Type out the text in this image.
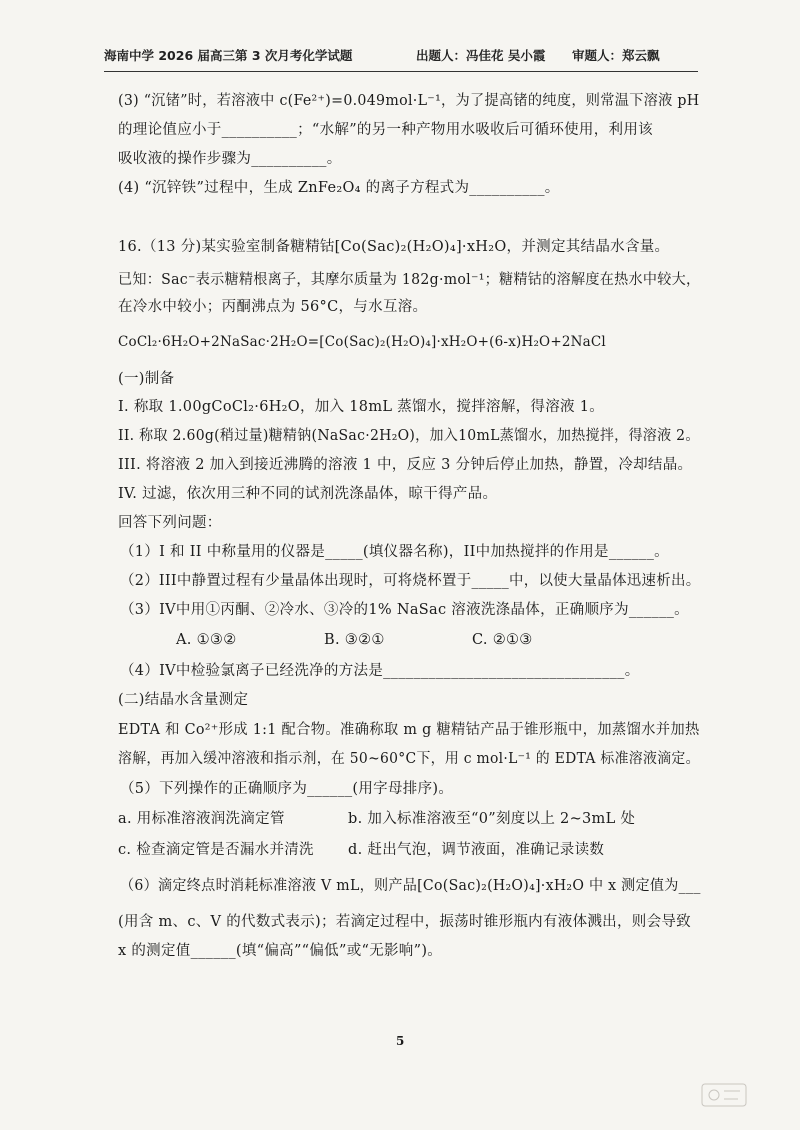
海南中学 2026 届高三第 3 次月考化学试题	出题人：冯佳花 吴小霞 审题人：郑云飘
(3) “沉锗”时，若溶液中 c(Fe²⁺)=0.049mol·L⁻¹，为了提高锗的纯度，则常温下溶液 pH
的理论值应小于__________；“水解”的另一种产物用水吸收后可循环使用，利用该
吸收液的操作步骤为__________。
(4) “沉锌铁”过程中，生成 ZnFe₂O₄ 的离子方程式为__________。
16.（13 分)某实验室制备糖精钴[Co(Sac)₂(H₂O)₄]·xH₂O，并测定其结晶水含量。
已知：Sac⁻表示糖精根离子，其摩尔质量为 182g·mol⁻¹；糖精钴的溶解度在热水中较大，
在冷水中较小；丙酮沸点为 56°C，与水互溶。
CoCl₂·6H₂O+2NaSac·2H₂O=[Co(Sac)₂(H₂O)₄]·xH₂O+(6-x)H₂O+2NaCl
(一)制备
I. 称取 1.00gCoCl₂·6H₂O，加入 18mL 蒸馏水，搅拌溶解，得溶液 1。
II. 称取 2.60g(稍过量)糖精钠(NaSac·2H₂O)，加入10mL蒸馏水，加热搅拌，得溶液 2。
III. 将溶液 2 加入到接近沸腾的溶液 1 中，反应 3 分钟后停止加热，静置，冷却结晶。
IV. 过滤，依次用三种不同的试剂洗涤晶体，晾干得产品。
回答下列问题：
（1）I 和 II 中称量用的仪器是_____(填仪器名称)，II中加热搅拌的作用是______。
（2）III中静置过程有少量晶体出现时，可将烧杯置于_____中，以使大量晶体迅速析出。
（3）IV中用①丙酮、②冷水、③冷的1% NaSac 溶液洗涤晶体，正确顺序为______。
A. ①③②	B. ③②①	C. ②①③
（4）IV中检验氯离子已经洗净的方法是________________________________。
(二)结晶水含量测定
EDTA 和 Co²⁺形成 1:1 配合物。准确称取 m g 糖精钴产品于锥形瓶中，加蒸馏水并加热
溶解，再加入缓冲溶液和指示剂，在 50~60°C下，用 c mol·L⁻¹ 的 EDTA 标准溶液滴定。
（5）下列操作的正确顺序为______(用字母排序)。
a. 用标准溶液润洗滴定管	b. 加入标准溶液至“0”刻度以上 2~3mL 处
c. 检查滴定管是否漏水并清洗 d. 赶出气泡，调节液面，准确记录读数
（6）滴定终点时消耗标准溶液 V mL，则产品[Co(Sac)₂(H₂O)₄]·xH₂O 中 x 测定值为___
(用含 m、c、V 的代数式表示)；若滴定过程中，振荡时锥形瓶内有液体溅出，则会导致
x 的测定值______(填“偏高”“偏低”或“无影响”)。
5
